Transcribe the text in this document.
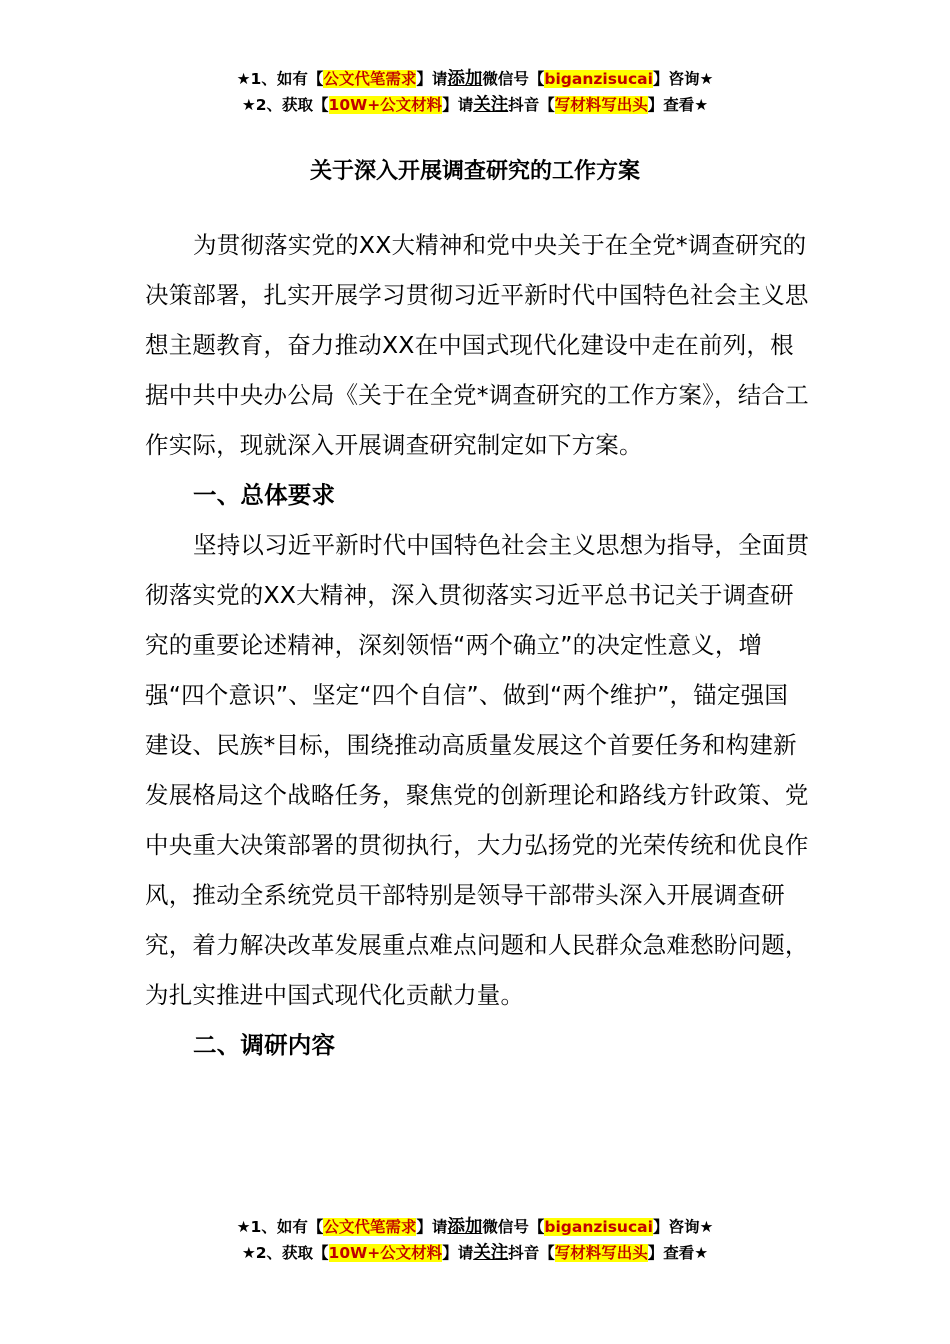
★1、如有【公文代笔需求】请添加微信号【biganzisucai】咨询★
★2、获取【10W+公文材料】请关注抖音【写材料写出头】查看★
关于深入开展调查研究的工作方案

为贯彻落实党的XX大精神和党中央关于在全党*调查研究的决策部署，扎实开展学习贯彻习近平新时代中国特色社会主义思想主题教育，奋力推动XX在中国式现代化建设中走在前列，根据中共中央办公局《关于在全党*调查研究的工作方案》，结合工作实际，现就深入开展调查研究制定如下方案。

一、总体要求

坚持以习近平新时代中国特色社会主义思想为指导，全面贯彻落实党的XX大精神，深入贯彻落实习近平总书记关于调查研究的重要论述精神，深刻领悟“两个确立”的决定性意义，增强“四个意识”、坚定“四个自信”、做到“两个维护”，锚定强国建设、民族*目标，围绕推动高质量发展这个首要任务和构建新发展格局这个战略任务，聚焦党的创新理论和路线方针政策、党中央重大决策部署的贯彻执行，大力弘扬党的光荣传统和优良作风，推动全系统党员干部特别是领导干部带头深入开展调查研究，着力解决改革发展重点难点问题和人民群众急难愁盼问题，为扎实推进中国式现代化贡献力量。

二、调研内容

★1、如有【公文代笔需求】请添加微信号【biganzisucai】咨询★
★2、获取【10W+公文材料】请关注抖音【写材料写出头】查看★
